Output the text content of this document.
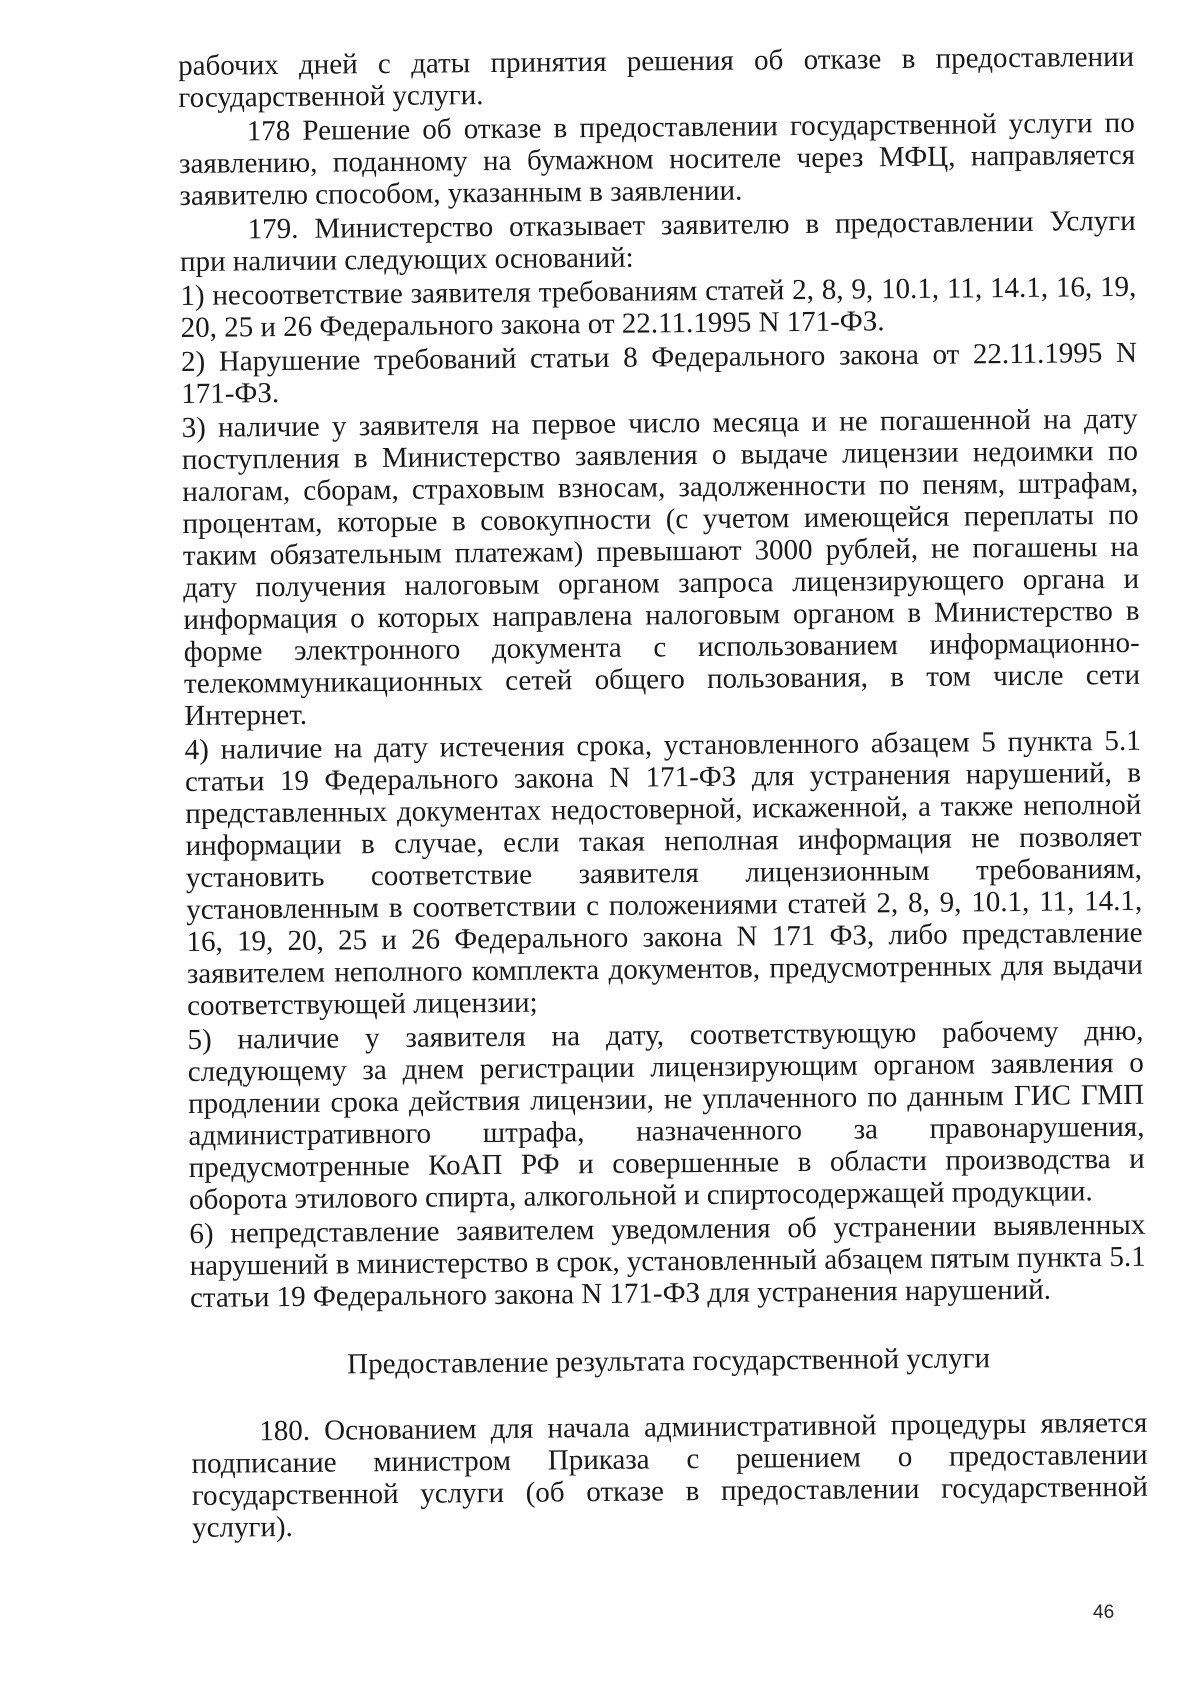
рабочих дней с даты принятия решения об отказе в предоставлении государственной услуги.

178 Решение об отказе в предоставлении государственной услуги по заявлению, поданному на бумажном носителе через МФЦ, направляется заявителю способом, указанным в заявлении.

179. Министерство отказывает заявителю в предоставлении Услуги при наличии следующих оснований:

1) несоответствие заявителя требованиям статей 2, 8, 9, 10.1, 11, 14.1, 16, 19, 20, 25 и 26 Федерального закона от 22.11.1995 N 171-ФЗ.

2) Нарушение требований статьи 8 Федерального закона от 22.11.1995 N 171-ФЗ.

3) наличие у заявителя на первое число месяца и не погашенной на дату поступления в Министерство заявления о выдаче лицензии недоимки по налогам, сборам, страховым взносам, задолженности по пеням, штрафам, процентам, которые в совокупности (с учетом имеющейся переплаты по таким обязательным платежам) превышают 3000 рублей, не погашены на дату получения налоговым органом запроса лицензирующего органа и информация о которых направлена налоговым органом в Министерство в форме электронного документа с использованием информационно-телекоммуникационных сетей общего пользования, в том числе сети Интернет.

4) наличие на дату истечения срока, установленного абзацем 5 пункта 5.1 статьи 19 Федерального закона N 171-ФЗ для устранения нарушений, в представленных документах недостоверной, искаженной, а также неполной информации в случае, если такая неполная информация не позволяет установить соответствие заявителя лицензионным требованиям, установленным в соответствии с положениями статей 2, 8, 9, 10.1, 11, 14.1, 16, 19, 20, 25 и 26 Федерального закона N 171 ФЗ, либо представление заявителем неполного комплекта документов, предусмотренных для выдачи соответствующей лицензии;

5) наличие у заявителя на дату, соответствующую рабочему дню, следующему за днем регистрации лицензирующим органом заявления о продлении срока действия лицензии, не уплаченного по данным ГИС ГМП административного штрафа, назначенного за правонарушения, предусмотренные КоАП РФ и совершенные в области производства и оборота этилового спирта, алкогольной и спиртосодержащей продукции.

6) непредставление заявителем уведомления об устранении выявленных нарушений в министерство в срок, установленный абзацем пятым пункта 5.1 статьи 19 Федерального закона N 171-ФЗ для устранения нарушений.

Предоставление результата государственной услуги

180. Основанием для начала административной процедуры является подписание министром Приказа с решением о предоставлении государственной услуги (об отказе в предоставлении государственной услуги).

46
